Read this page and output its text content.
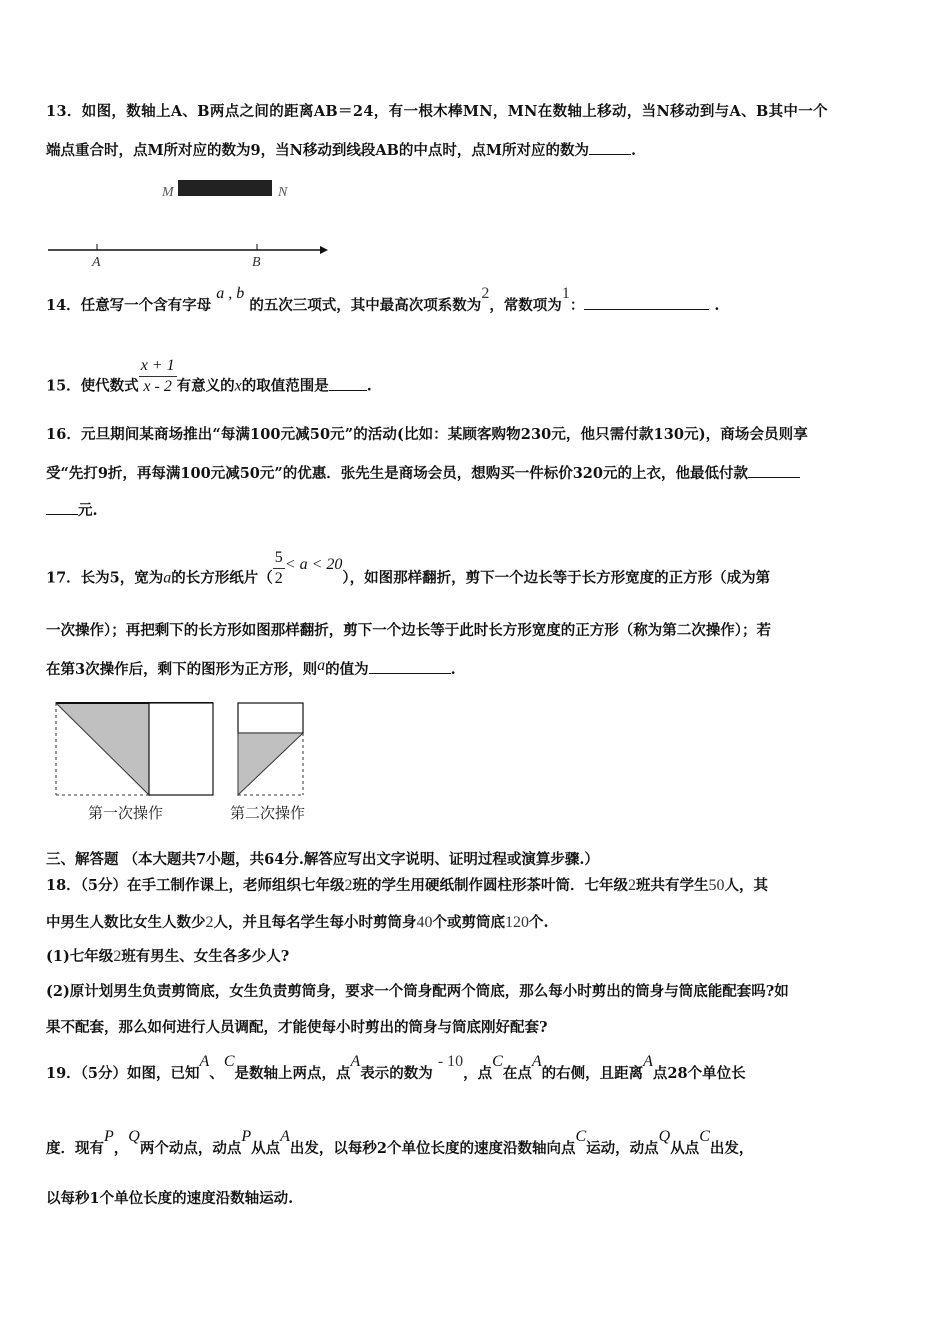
13．如图，数轴上A、B两点之间的距离AB＝24，有一根木棒MN，MN在数轴上移动，当N移动到与A、B其中一个
端点重合时，点M所对应的数为9，当N移动到线段AB的中点时，点M所对应的数为	.
M	N
A	B
14．任意写一个含有字母 a , b 的五次三项式，其中最高次项系数为2，常数项为1：	.
15．使代数式 $\frac{x + 1}{x - 2}$ 有意义的x的取值范围是	.
16．元旦期间某商场推出“每满100元减50元”的活动(比如：某顾客购物230元，他只需付款130元)，商场会员则享
受“先打9折，再每满100元减50元”的优惠．张先生是商场会员，想购买一件标价320元的上衣，他最低付款
元.
17．长为5，宽为a的长方形纸片（ $\frac{5}{2} < a < 20$），如图那样翻折，剪下一个边长等于长方形宽度的正方形（成为第
一次操作）；再把剩下的长方形如图那样翻折，剪下一个边长等于此时长方形宽度的正方形（称为第二次操作）；若
在第3次操作后，剩下的图形为正方形，则a的值为	.
第一次操作	第二次操作
三、解答题 （本大题共7小题，共64分.解答应写出文字说明、证明过程或演算步骤.）
18．（5分）在手工制作课上，老师组织七年级2班的学生用硬纸制作圆柱形茶叶筒．七年级2班共有学生50人，其
中男生人数比女生人数少2人，并且每名学生每小时剪筒身40个或剪筒底120个.
(1)七年级2班有男生、女生各多少人?
(2)原计划男生负责剪筒底，女生负责剪筒身，要求一个筒身配两个筒底，那么每小时剪出的筒身与筒底能配套吗?如
果不配套，那么如何进行人员调配，才能使每小时剪出的筒身与筒底刚好配套?
19．（5分）如图，已知A、C是数轴上两点，点A表示的数为 - 10，点C在点A的右侧，且距离A点28个单位长
度．现有P，Q两个动点，动点P从点A出发，以每秒2个单位长度的速度沿数轴向点C运动，动点Q从点C出发，
以每秒1个单位长度的速度沿数轴运动.
